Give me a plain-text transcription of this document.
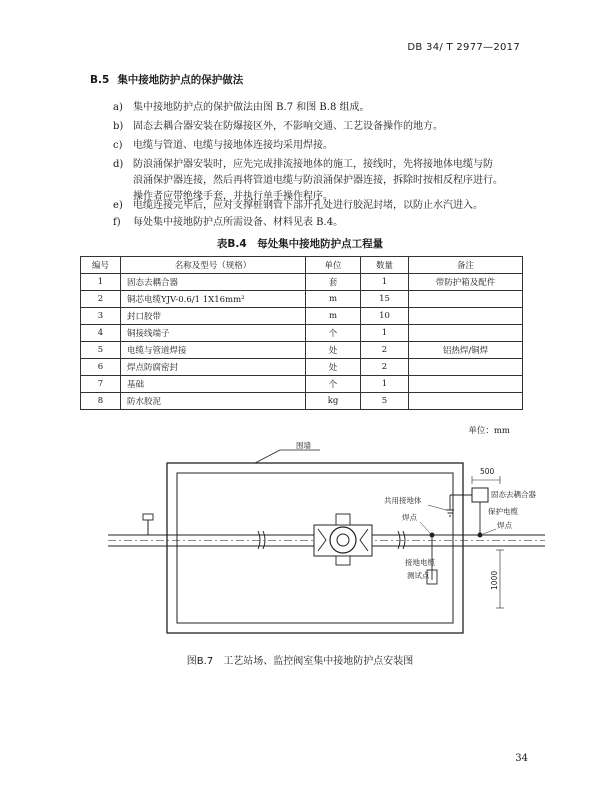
DB 34/ T 2977—2017
B.5 集中接地防护点的保护做法
a)	集中接地防护点的保护做法由图 B.7 和图 B.8 组成。
b) 固态去耦合器安装在防爆接区外，不影响交通、工艺设备操作的地方。
c)	电缆与管道、电缆与接地体连接均采用焊接。
d) 防浪涌保护器安装时，应先完成排流接地体的施工，接线时，先将接地体电缆与防
浪涌保护器连接，然后再将管道电缆与防浪涌保护器连接，拆除时按相反程序进行。
操作者应带绝缘手套，并执行单手操作程序。
e)	电缆连接完毕后，应对支撑桩钢管下部开孔处进行胶泥封堵，以防止水汽进入。
f)	每处集中接地防护点所需设备、材料见表 B.4。
表B.4　每处集中接地防护点工程量
编号	名称及型号（规格）	单位	数量	备注
1	固态去耦合器	套	1	带防护箱及配件
2	铜芯电缆YJV-0.6/1 1X16mm²	m	15	
3	封口胶带	m	10	
4	铜接线端子	个	1	
5	电缆与管道焊接	处	2	铝热焊/铜焊
6	焊点防腐密封	处	2	
7	基础	个	1	
8	防水胶泥	kg	5	
单位：mm
围墙
500
1000
固态去耦合器
共用接地体
保护电缆
焊点
焊点
接地电缆
测试点
图B.7　工艺站场、监控阀室集中接地防护点安装图
34
